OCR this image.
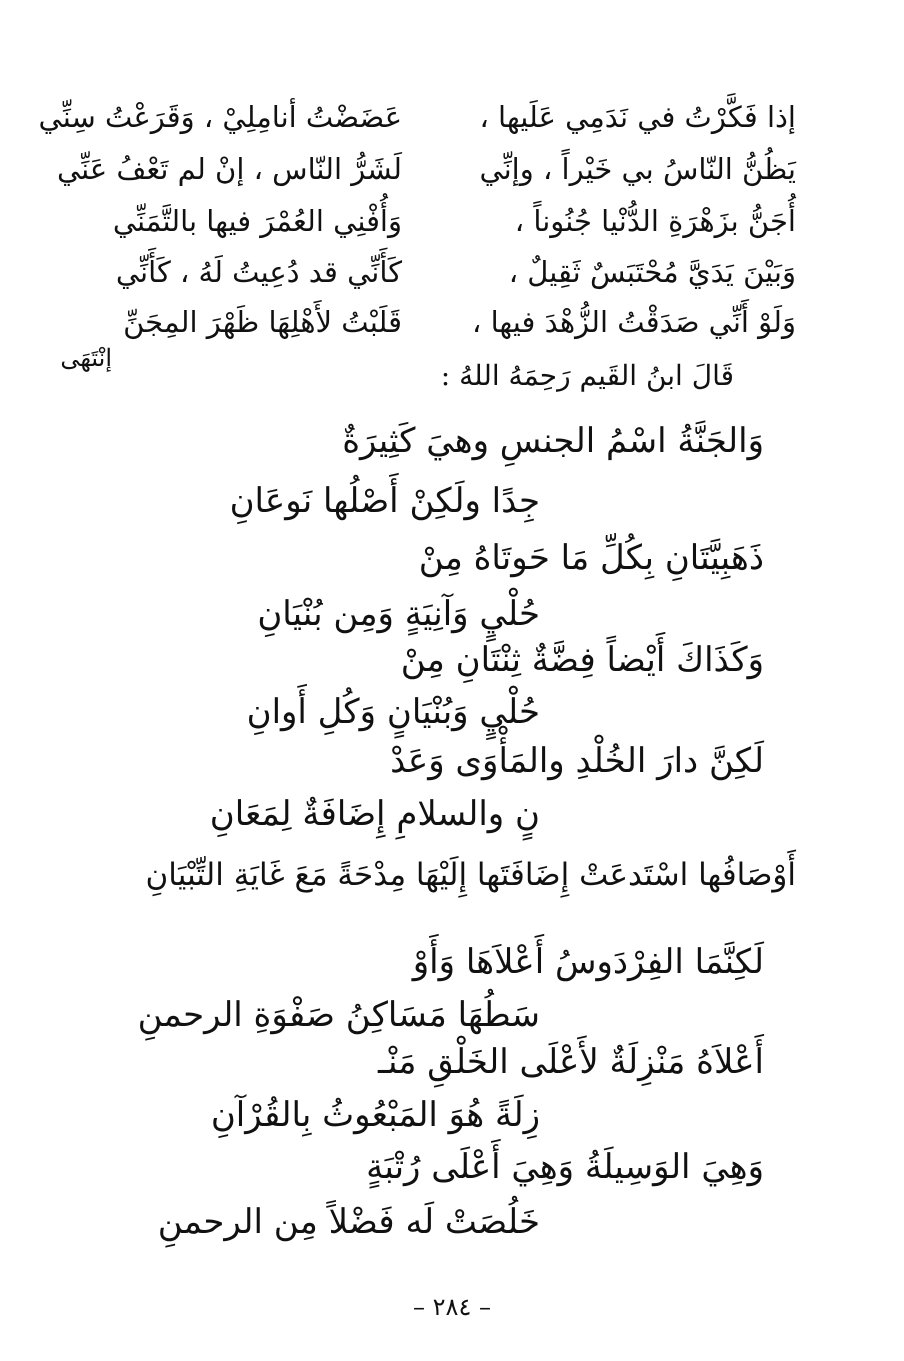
إذا فَكَّرْتُ في نَدَمِي عَلَيها ،
عَضَضْتُ أنامِلِيْ ، وَقَرَعْتُ سِنِّي
يَظُنُّ النّاسُ بي خَيْراً ، وإنِّي
لَشَرُّ النّاس ، إنْ لم تَعْفُ عَنِّي
أُجَنُّ بزَهْرَةِ الدُّنْيا جُنُوناً ،
وَأُفْنِي العُمْرَ فيها بالتَّمَنِّي
وَبَيْنَ يَدَيَّ مُحْتَبَسٌ ثَقِيلٌ ،
كَأَنِّي قد دُعِيتُ لَهُ ، كَأَنِّي
وَلَوْ أَنِّي صَدَقْتُ الزُّهْدَ فيها ،
قَلَبْتُ لأَهْلِهَا ظَهْرَ المِجَنِّ
إنْتَهَى
قَالَ ابنُ القَيم رَحِمَهُ اللهُ :
وَالجَنَّةُ اسْمُ الجنسِ وهيَ كَثِيرَةٌ
جِدًا ولَكِنْ أَصْلُها نَوعَانِ
ذَهَبِيَّتَانِ بِكُلِّ مَا حَوتَاهُ مِنْ
حُلْيٍ وَآنِيَةٍ وَمِن بُنْيَانِ
وَكَذَاكَ أَيْضاً فِضَّةٌ ثِنْتَانِ مِنْ
حُلْيٍ وَبُنْيَانٍ وَكُلِ أَوانِ
لَكِنَّ دارَ الخُلْدِ والمَأْوَى وَعَدْ
نٍ والسلامِ إِضَافَةٌ لِمَعَانِ
أَوْصَافُها اسْتَدعَتْ إِضَافَتَها إِلَيْهَا مِدْحَةً مَعَ غَايَةِ التِّبْيَانِ
لَكِنَّمَا الفِرْدَوسُ أَعْلاَهَا وَأَوْ
سَطُهَا مَسَاكِنُ صَفْوَةِ الرحمنِ
أَعْلاَهُ مَنْزِلَةٌ لأَعْلَى الخَلْقِ مَنْـ
زِلَةً هُوَ المَبْعُوثُ بِالقُرْآنِ
وَهِيَ الوَسِيلَةُ وَهِيَ أَعْلَى رُتْبَةٍ
خَلُصَتْ لَه فَضْلاً مِن الرحمنِ
– ٢٨٤ –
